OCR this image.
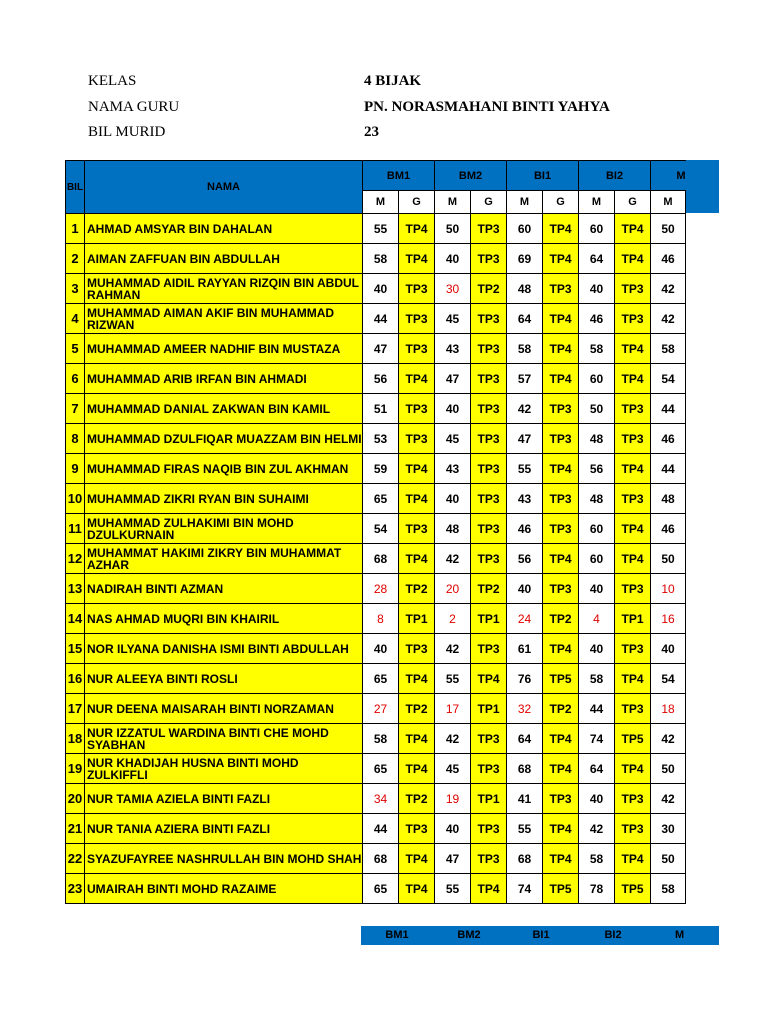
KELAS	4 BIJAK
NAMA GURU	PN. NORASMAHANI BINTI YAHYA
BIL MURID	23
BIL	NAMA	BM1		BM2		BI1		BI2		M
		M	G	M	G	M	G	M	G	M
1	AHMAD AMSYAR BIN DAHALAN	55	TP4	50	TP3	60	TP4	60	TP4	50
2	AIMAN ZAFFUAN BIN ABDULLAH	58	TP4	40	TP3	69	TP4	64	TP4	46
3	MUHAMMAD AIDIL RAYYAN RIZQIN BIN ABDUL RAHMAN	40	TP3	30	TP2	48	TP3	40	TP3	42
4	MUHAMMAD AIMAN AKIF BIN MUHAMMAD RIZWAN	44	TP3	45	TP3	64	TP4	46	TP3	42
5	MUHAMMAD AMEER NADHIF BIN MUSTAZA	47	TP3	43	TP3	58	TP4	58	TP4	58
6	MUHAMMAD ARIB IRFAN BIN AHMADI	56	TP4	47	TP3	57	TP4	60	TP4	54
7	MUHAMMAD DANIAL ZAKWAN BIN KAMIL	51	TP3	40	TP3	42	TP3	50	TP3	44
8	MUHAMMAD DZULFIQAR MUAZZAM BIN HELMI	53	TP3	45	TP3	47	TP3	48	TP3	46
9	MUHAMMAD FIRAS NAQIB BIN ZUL AKHMAN	59	TP4	43	TP3	55	TP4	56	TP4	44
10	MUHAMMAD ZIKRI RYAN BIN SUHAIMI	65	TP4	40	TP3	43	TP3	48	TP3	48
11	MUHAMMAD ZULHAKIMI BIN MOHD DZULKURNAIN	54	TP3	48	TP3	46	TP3	60	TP4	46
12	MUHAMMAT HAKIMI ZIKRY BIN MUHAMMAT AZHAR	68	TP4	42	TP3	56	TP4	60	TP4	50
13	NADIRAH BINTI AZMAN	28	TP2	20	TP2	40	TP3	40	TP3	10
14	NAS AHMAD MUQRI BIN KHAIRIL	8	TP1	2	TP1	24	TP2	4	TP1	16
15	NOR ILYANA DANISHA ISMI BINTI ABDULLAH	40	TP3	42	TP3	61	TP4	40	TP3	40
16	NUR ALEEYA BINTI ROSLI	65	TP4	55	TP4	76	TP5	58	TP4	54
17	NUR DEENA MAISARAH BINTI NORZAMAN	27	TP2	17	TP1	32	TP2	44	TP3	18
18	NUR IZZATUL WARDINA BINTI CHE MOHD SYABHAN	58	TP4	42	TP3	64	TP4	74	TP5	42
19	NUR KHADIJAH HUSNA BINTI MOHD ZULKIFFLI	65	TP4	45	TP3	68	TP4	64	TP4	50
20	NUR TAMIA AZIELA BINTI FAZLI	34	TP2	19	TP1	41	TP3	40	TP3	42
21	NUR TANIA AZIERA BINTI FAZLI	44	TP3	40	TP3	55	TP4	42	TP3	30
22	SYAZUFAYREE NASHRULLAH BIN MOHD SHAH	68	TP4	47	TP3	68	TP4	58	TP4	50
23	UMAIRAH BINTI MOHD RAZAIME	65	TP4	55	TP4	74	TP5	78	TP5	58
BM1	BM2	BI1	BI2	M
